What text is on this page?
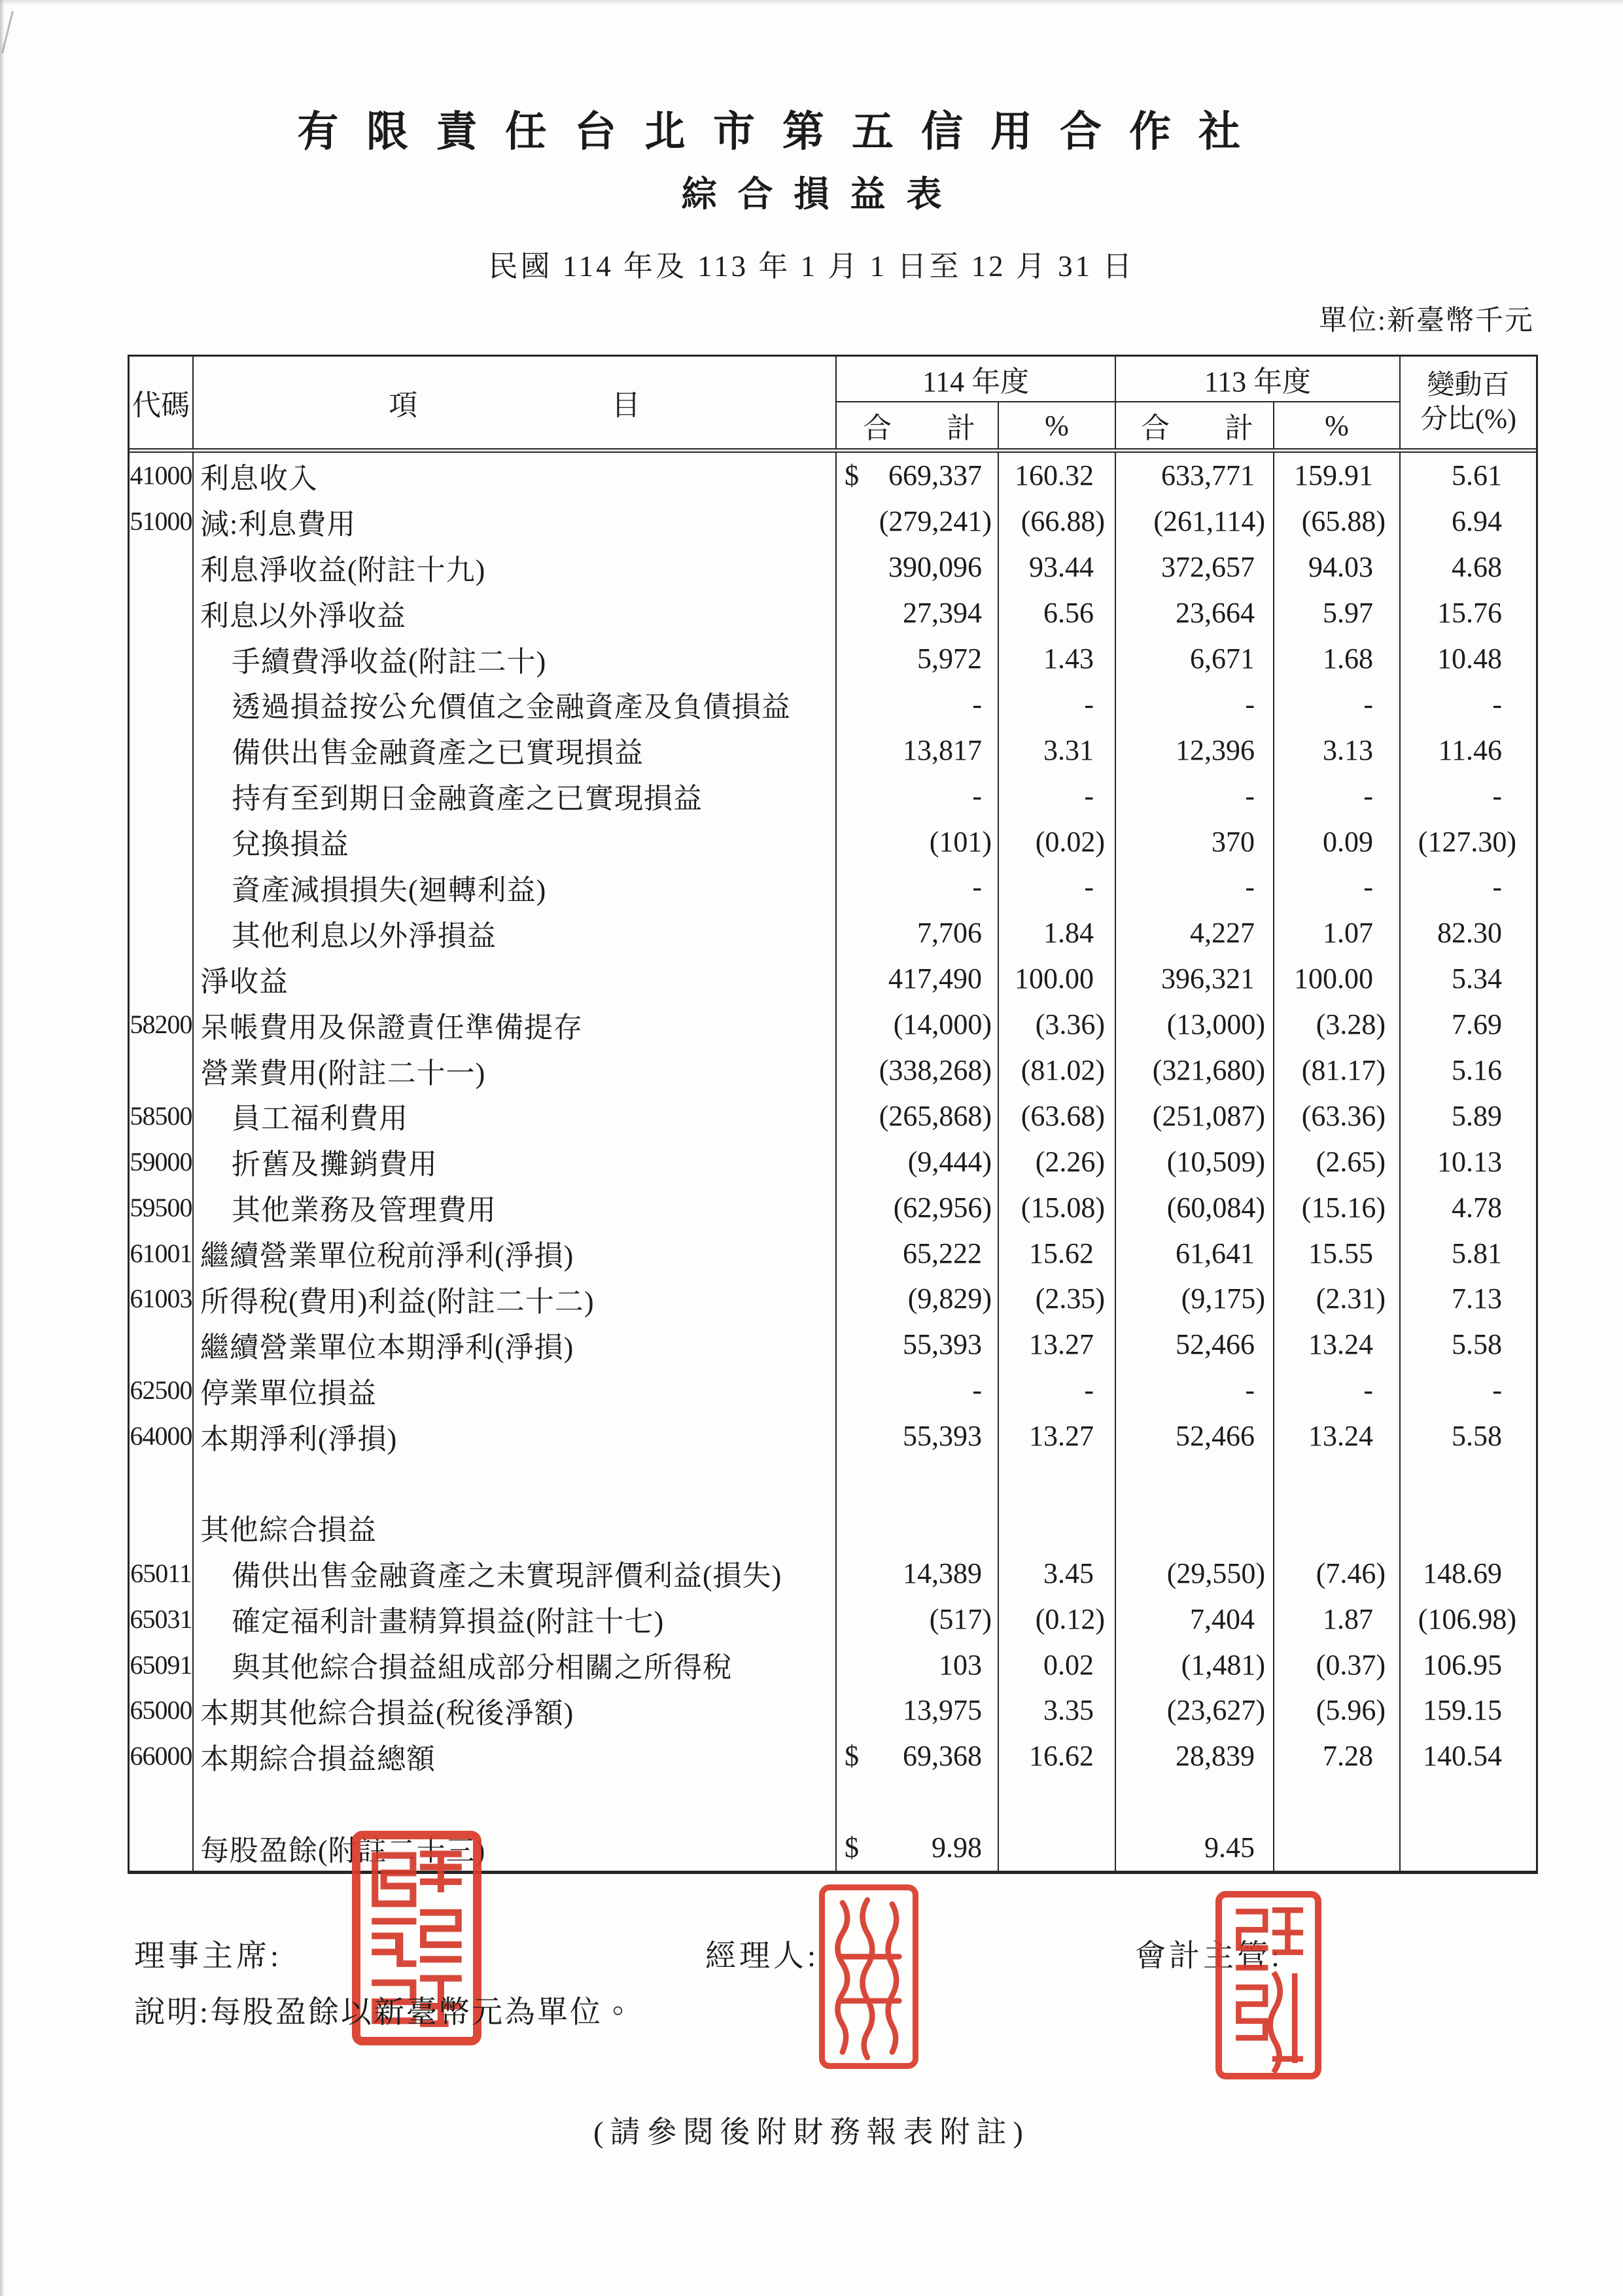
有限責任台北市第五信用合作社
綜合損益表
民國 114 年及 113 年 1 月 1 日至 12 月 31 日
單位:新臺幣千元
代碼	項	目
114 年度	113 年度	變動百
分比(%)
合 計	%	合 計	%
41000 利息收入	$ 669,337 160.32 633,771 159.91	5.61
51000 減:利息費用	(279,241) (66.88) (261,114) (65.88) 6.94
利息淨收益(附註十九)	390,096 93.44 372,657 94.03	4.68
利息以外淨收益	27,394 6.56	23,664 5.97 15.76
手續費淨收益(附註二十)	5,972 1.43	6,671 1.68 10.48
透過損益按公允價值之金融資產及負債損益	-	-	-	-	-
備供出售金融資產之已實現損益	13,817 3.31	12,396 3.13 11.46
持有至到期日金融資產之已實現損益	-	-	-	-	-
兌換損益	(101) (0.02)	370 0.09 (127.30)
資產減損損失(迴轉利益)	-	-	-	-	-
其他利息以外淨損益	7,706 1.84	4,227 1.07 82.30
淨收益	417,490 100.00 396,321 100.00	5.34
58200 呆帳費用及保證責任準備提存	(14,000) (3.36) (13,000) (3.28) 7.69
營業費用(附註二十一)	(338,268) (81.02) (321,680) (81.17) 5.16
58500	員工福利費用	(265,868) (63.68) (251,087) (63.36) 5.89
59000	折舊及攤銷費用	(9,444) (2.26) (10,509) (2.65) 10.13
59500	其他業務及管理費用	(62,956) (15.08) (60,084) (15.16) 4.78
61001 繼續營業單位稅前淨利(淨損)	65,222 15.62	61,641 15.55	5.81
61003 所得稅(費用)利益(附註二十二)	(9,829) (2.35)	(9,175) (2.31) 7.13
繼續營業單位本期淨利(淨損)	55,393 13.27	52,466 13.24	5.58
62500 停業單位損益	-	-	-	-	-
64000 本期淨利(淨損)	55,393 13.27	52,466 13.24	5.58
其他綜合損益
65011	備供出售金融資產之未實現評價利益(損失)	14,389 3.45	(29,550) (7.46) 148.69
65031	確定福利計畫精算損益(附註十七)	(517) (0.12)	7,404 1.87 (106.98)
65091	與其他綜合損益組成部分相關之所得稅	103 0.02	(1,481) (0.37) 106.95
65000 本期其他綜合損益(稅後淨額)	13,975 3.35	(23,627) (5.96) 159.15
66000 本期綜合損益總額	$ 69,368 16.62	28,839 7.28 140.54
每股盈餘(附註二十三)	$	9.98	9.45
理事主席:	經理人:	會計主管:
說明:每股盈餘以新臺幣元為單位。
(請參閱後附財務報表附註)
